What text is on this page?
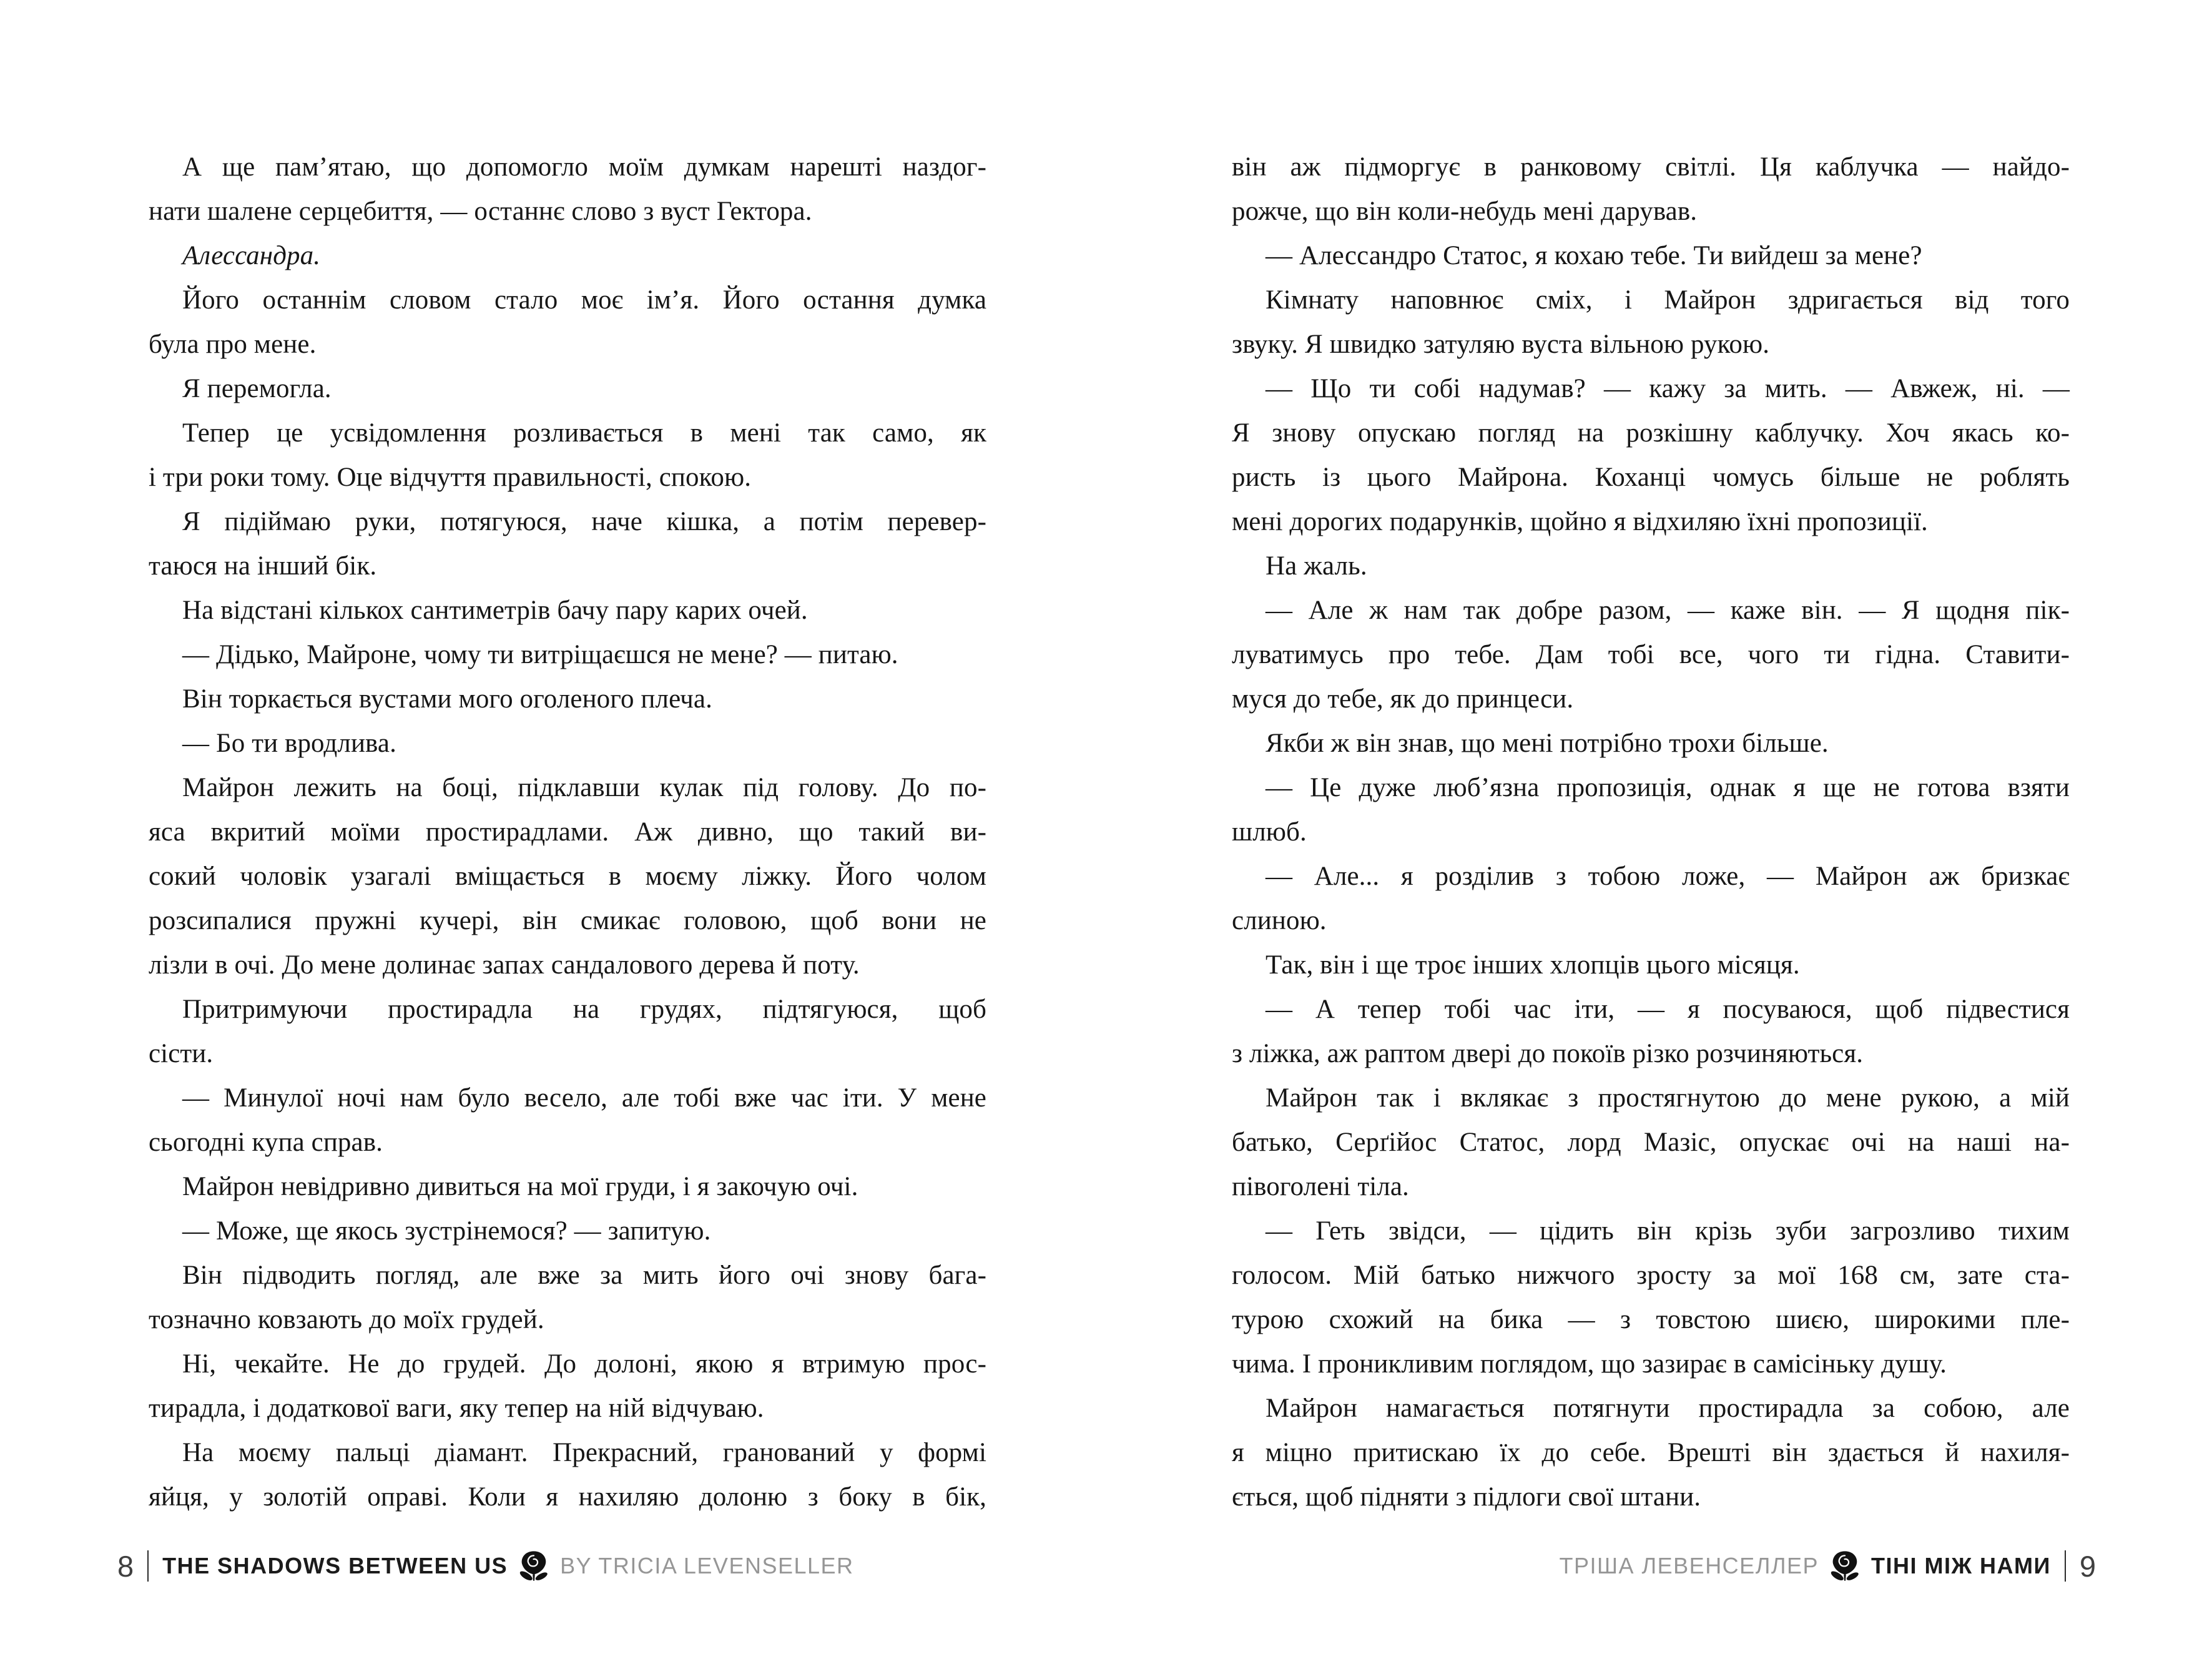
А ще пам’ятаю, що допомогло моїм думкам нарешті наздог-
нати шалене серцебиття, — останнє слово з вуст Гектора.
Алессандра.
Його останнім словом стало моє ім’я. Його остання думка
була про мене.
Я перемогла.
Тепер це усвідомлення розливається в мені так само, як
і три роки тому. Оце відчуття правильності, спокою.
Я підіймаю руки, потягуюся, наче кішка, а потім перевер-
таюся на інший бік.
На відстані кількох сантиметрів бачу пару карих очей.
— Дідько, Майроне, чому ти витріщаєшся не мене? — питаю.
Він торкається вустами мого оголеного плеча.
— Бо ти вродлива.
Майрон лежить на боці, підклавши кулак під голову. До по-
яса вкритий моїми простирадлами. Аж дивно, що такий ви-
сокий чоловік узагалі вміщається в моєму ліжку. Його чолом
розсипалися пружні кучері, він смикає головою, щоб вони не
лізли в очі. До мене долинає запах сандалового дерева й поту.
Притримуючи простирадла на грудях, підтягуюся, щоб
сісти.
— Минулої ночі нам було весело, але тобі вже час іти. У мене
сьогодні купа справ.
Майрон невідривно дивиться на мої груди, і я закочую очі.
— Може, ще якось зустрінемося? — запитую.
Він підводить погляд, але вже за мить його очі знову бага-
тозначно ковзають до моїх грудей.
Ні, чекайте. Не до грудей. До долоні, якою я втримую прос-
тирадла, і додаткової ваги, яку тепер на ній відчуваю.
На моєму пальці діамант. Прекрасний, гранований у формі
яйця, у золотій оправі. Коли я нахиляю долоню з боку в бік,
він аж підморгує в ранковому світлі. Ця каблучка — найдо-
рожче, що він коли-небудь мені дарував.
— Алессандро Статос, я кохаю тебе. Ти вийдеш за мене?
Кімнату наповнює сміх, і Майрон здригається від того
звуку. Я швидко затуляю вуста вільною рукою.
— Що ти собі надумав? — кажу за мить. — Авжеж, ні. —
Я знову опускаю погляд на розкішну каблучку. Хоч якась ко-
ристь із цього Майрона. Коханці чомусь більше не роблять
мені дорогих подарунків, щойно я відхиляю їхні пропозиції.
На жаль.
— Але ж нам так добре разом, — каже він. — Я щодня пік-
луватимусь про тебе. Дам тобі все, чого ти гідна. Ставити-
муся до тебе, як до принцеси.
Якби ж він знав, що мені потрібно трохи більше.
— Це дуже люб’язна пропозиція, однак я ще не готова взяти
шлюб.
— Але... я розділив з тобою ложе, — Майрон аж бризкає
слиною.
Так, він і ще троє інших хлопців цього місяця.
— А тепер тобі час іти, — я посуваюся, щоб підвестися
з ліжка, аж раптом двері до покоїв різко розчиняються.
Майрон так і вклякає з простягнутою до мене рукою, а мій
батько, Серґійос Статос, лорд Мазіс, опускає очі на наші на-
півоголені тіла.
— Геть звідси, — цідить він крізь зуби загрозливо тихим
голосом. Мій батько нижчого зросту за мої 168 см, зате ста-
турою схожий на бика — з товстою шиєю, широкими пле-
чима. І проникливим поглядом, що зазирає в самісіньку душу.
Майрон намагається потягнути простирадла за собою, але
я міцно притискаю їх до себе. Врешті він здається й нахиля-
ється, щоб підняти з підлоги свої штани.
8 THE SHADOWS BETWEEN US BY TRICIA LEVENSELLER	ТРІША ЛЕВЕНСЕЛЛЕР ТІНІ МІЖ НАМИ 9
